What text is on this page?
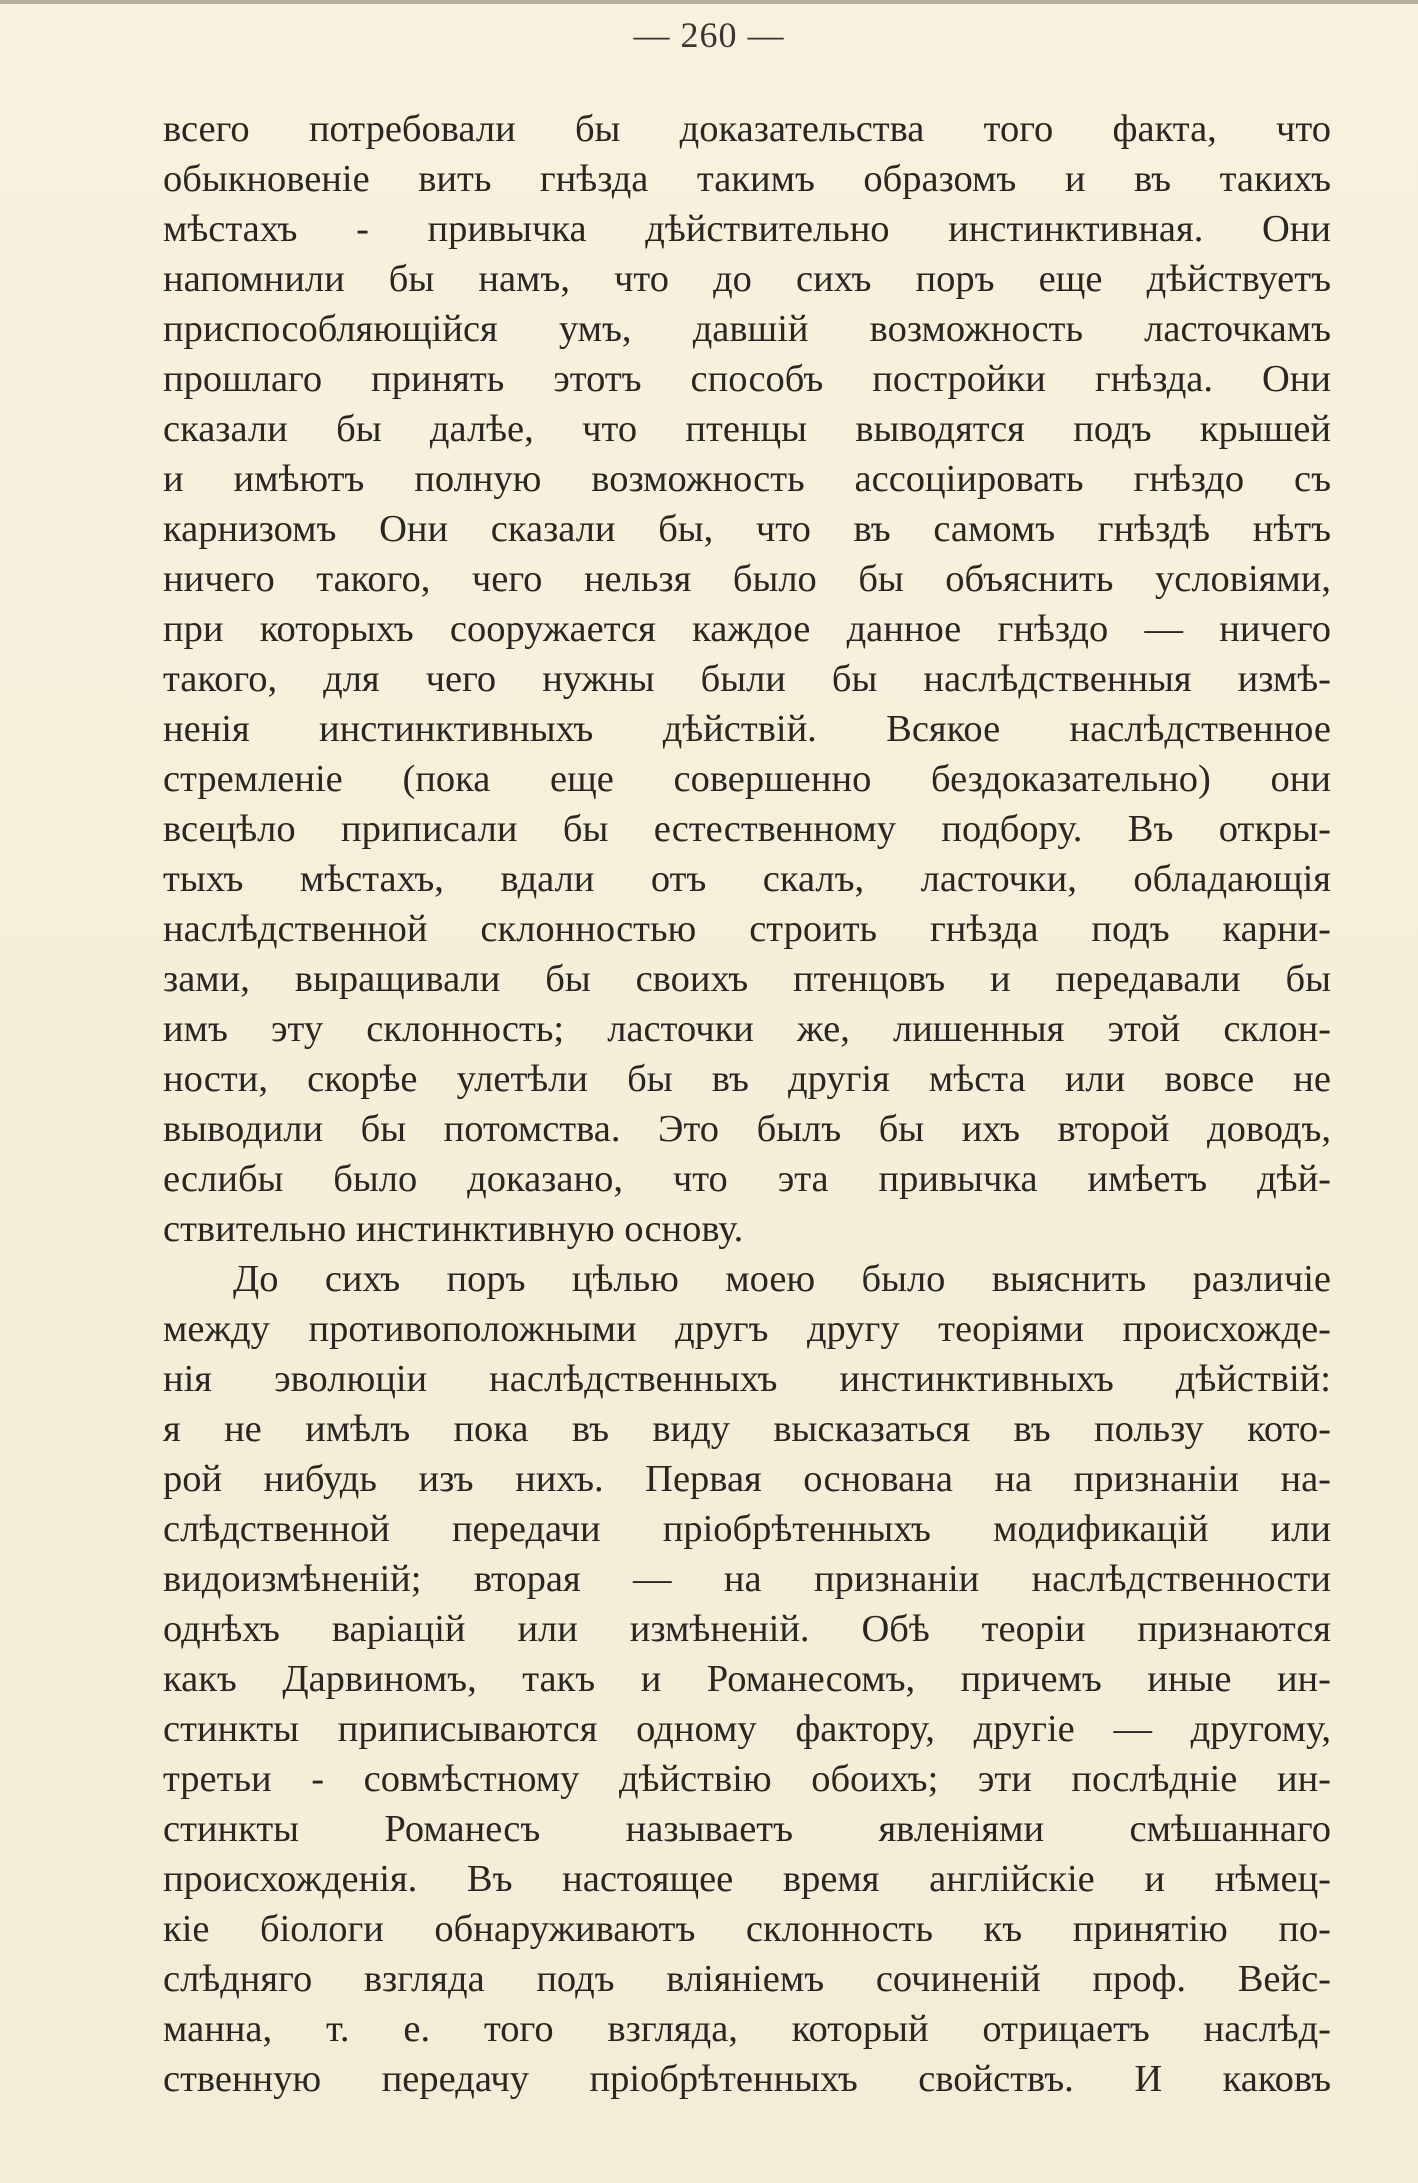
— 260 —
всего потребовали бы доказательства того факта, что
обыкновеніе вить гнѣзда такимъ образомъ и въ такихъ
мѣстахъ - привычка дѣйствительно инстинктивная. Они
напомнили бы намъ, что до сихъ поръ еще дѣйствуетъ
приспособляющійся умъ, давшій возможность ласточкамъ
прошлаго принять этотъ способъ постройки гнѣзда. Они
сказали бы далѣе, что птенцы выводятся подъ крышей
и имѣютъ полную возможность ассоціировать гнѣздо съ
карнизомъ Они сказали бы, что въ самомъ гнѣздѣ нѣтъ
ничего такого, чего нельзя было бы объяснить условіями,
при которыхъ сооружается каждое данное гнѣздо — ничего
такого, для чего нужны были бы наслѣдственныя измѣ-
ненія инстинктивныхъ дѣйствій. Всякое наслѣдственное
стремленіе (пока еще совершенно бездоказательно) они
всецѣло приписали бы естественному подбору. Въ откры-
тыхъ мѣстахъ, вдали отъ скалъ, ласточки, обладающія
наслѣдственной склонностью строить гнѣзда подъ карни-
зами, выращивали бы своихъ птенцовъ и передавали бы
имъ эту склонность; ласточки же, лишенныя этой склон-
ности, скорѣе улетѣли бы въ другія мѣста или вовсе не
выводили бы потомства. Это былъ бы ихъ второй доводъ,
еслибы было доказано, что эта привычка имѣетъ дѣй-
ствительно инстинктивную основу.
До сихъ поръ цѣлью моею было выяснить различіе
между противоположными другъ другу теоріями происхожде-
нія эволюціи наслѣдственныхъ инстинктивныхъ дѣйствій:
я не имѣлъ пока въ виду высказаться въ пользу кото-
рой нибудь изъ нихъ. Первая основана на признаніи на-
слѣдственной передачи пріобрѣтенныхъ модификацій или
видоизмѣненій; вторая — на признаніи наслѣдственности
однѣхъ варіацій или измѣненій. Обѣ теоріи признаются
какъ Дарвиномъ, такъ и Романесомъ, причемъ иные ин-
стинкты приписываются одному фактору, другіе — другому,
третьи - совмѣстному дѣйствію обоихъ; эти послѣдніе ин-
стинкты Романесъ называетъ явленіями смѣшаннаго
происхожденія. Въ настоящее время англійскіе и нѣмец-
кіе біологи обнаруживаютъ склонность къ принятію по-
слѣдняго взгляда подъ вліяніемъ сочиненій проф. Вейс-
манна, т. е. того взгляда, который отрицаетъ наслѣд-
ственную передачу пріобрѣтенныхъ свойствъ. И каковъ
